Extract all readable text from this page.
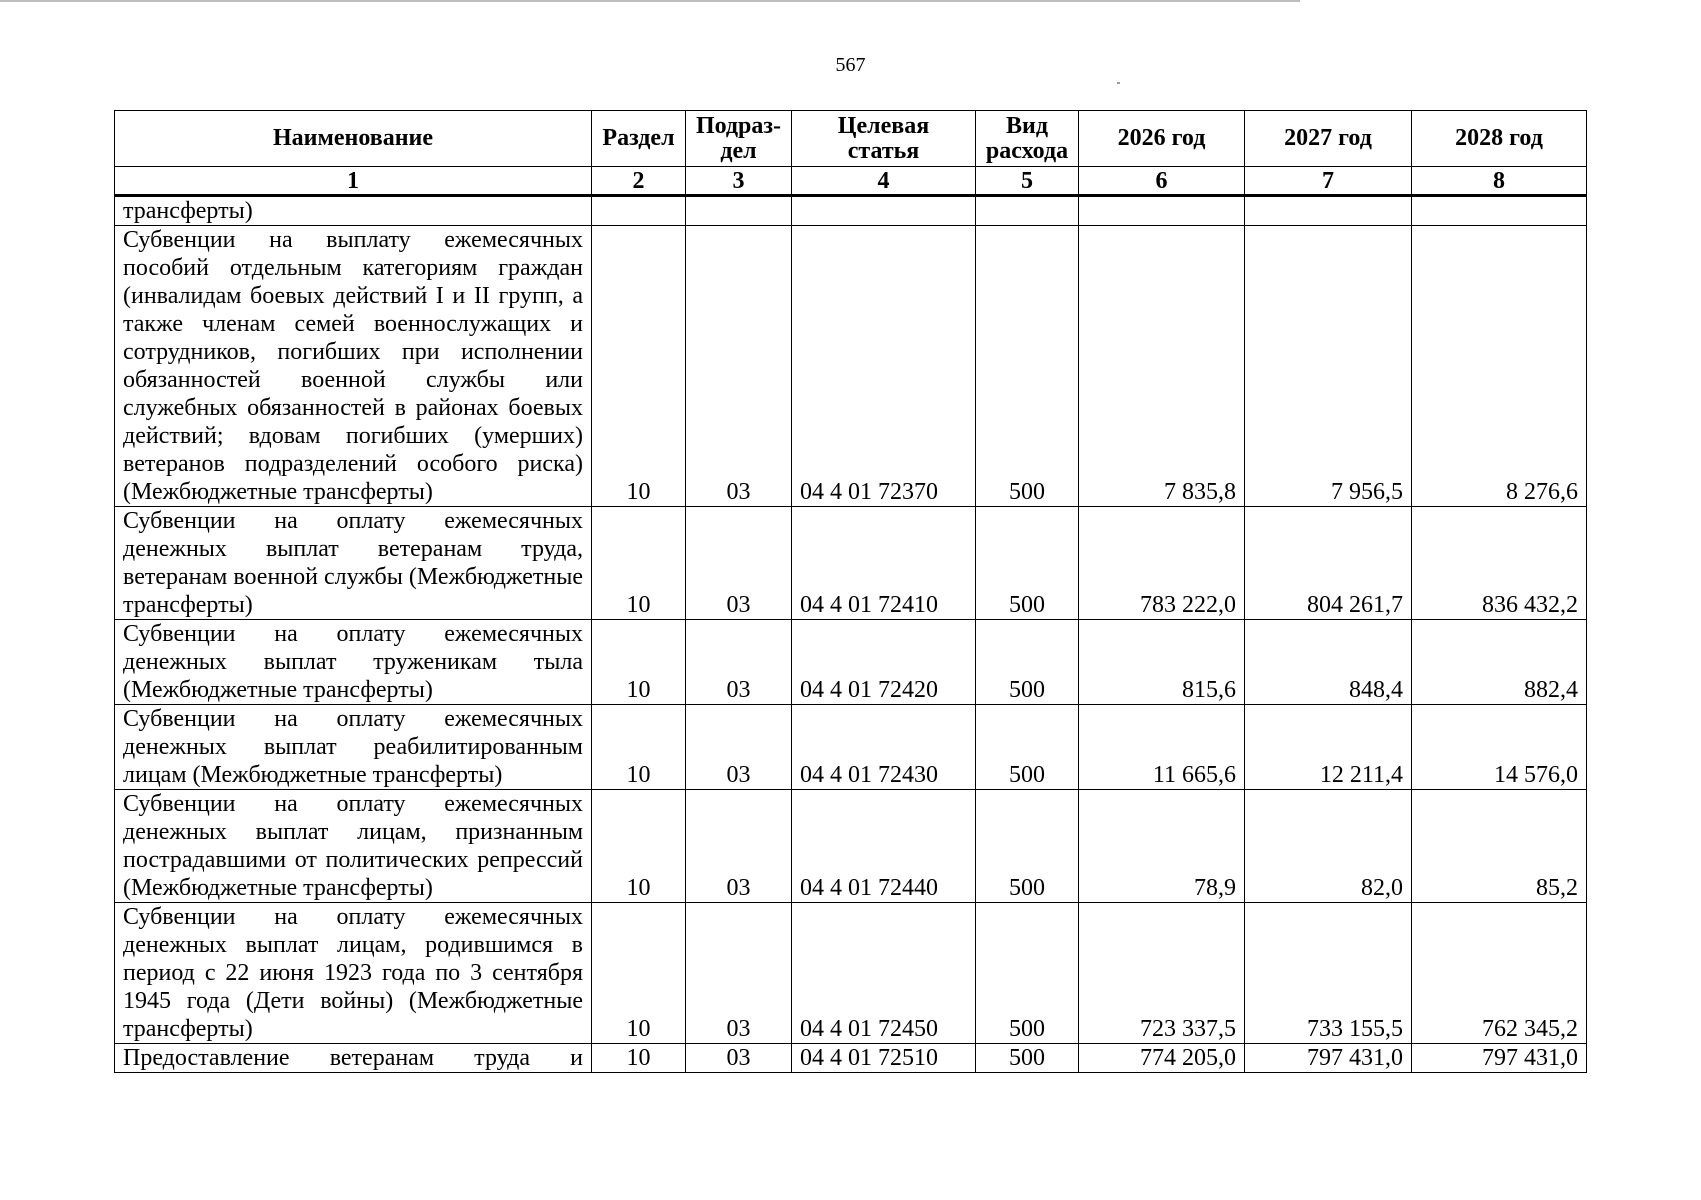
567
Наименование	Раздел	Подраз-дел	Целевая статья	Вид расхода	2026 год	2027 год	2028 год
1	2	3	4	5	6	7	8
трансферты)							
Субвенции на выплату ежемесячных пособий отдельным категориям граждан (инвалидам боевых действий I и II групп, а также членам семей военнослужащих и сотрудников, погибших при исполнении обязанностей военной службы или служебных обязанностей в районах боевых действий; вдовам погибших (умерших) ветеранов подразделений особого риска) (Межбюджетные трансферты)	10	03	04 4 01 72370	500	7 835,8	7 956,5	8 276,6
Субвенции на оплату ежемесячных денежных выплат ветеранам труда, ветеранам военной службы (Межбюджетные трансферты)	10	03	04 4 01 72410	500	783 222,0	804 261,7	836 432,2
Субвенции на оплату ежемесячных денежных выплат труженикам тыла (Межбюджетные трансферты)	10	03	04 4 01 72420	500	815,6	848,4	882,4
Субвенции на оплату ежемесячных денежных выплат реабилитированным лицам (Межбюджетные трансферты)	10	03	04 4 01 72430	500	11 665,6	12 211,4	14 576,0
Субвенции на оплату ежемесячных денежных выплат лицам, признанным пострадавшими от политических репрессий (Межбюджетные трансферты)	10	03	04 4 01 72440	500	78,9	82,0	85,2
Субвенции на оплату ежемесячных денежных выплат лицам, родившимся в период с 22 июня 1923 года по 3 сентября 1945 года (Дети войны) (Межбюджетные трансферты)	10	03	04 4 01 72450	500	723 337,5	733 155,5	762 345,2
Предоставление ветеранам труда и	10	03	04 4 01 72510	500	774 205,0	797 431,0	797 431,0
